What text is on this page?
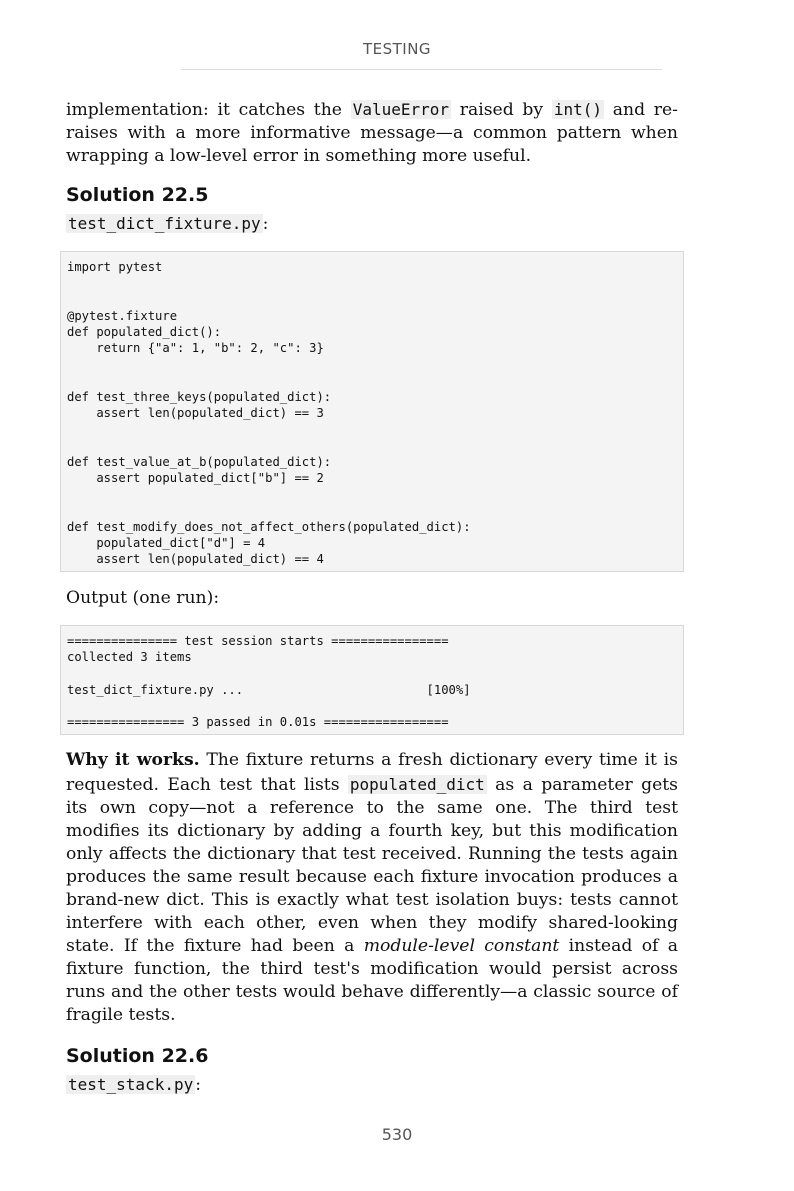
TESTING

implementation: it catches the ValueError raised by int() and re-raises with a more informative message—a common pattern when wrapping a low-level error in something more useful.

Solution 22.5

test_dict_fixture.py :

import pytest

@pytest.fixture
def populated_dict():
return {"a": 1, "b": 2, "c": 3}

def test_three_keys(populated_dict):
assert len(populated_dict) == 3

def test_value_at_b(populated_dict):
assert populated_dict["b"] == 2

def test_modify_does_not_affect_others(populated_dict):
populated_dict["d"] = 4
assert len(populated_dict) == 4

Output (one run):

=============== test session starts ================
collected 3 items

test_dict_fixture.py ...                         [100%]

================ 3 passed in 0.01s =================

Why it works. The fixture returns a fresh dictionary every time it is requested. Each test that lists populated_dict as a parameter gets its own copy—not a reference to the same one. The third test modifies its dictionary by adding a fourth key, but this modification only affects the dictionary that test received. Running the tests again produces the same result because each fixture invocation produces a brand-new dict. This is exactly what test isolation buys: tests cannot interfere with each other, even when they modify shared-looking state. If the fixture had been a module-level constant instead of a fixture function, the third test's modification would persist across runs and the other tests would behave differently—a classic source of fragile tests.

Solution 22.6

test_stack.py :

530
